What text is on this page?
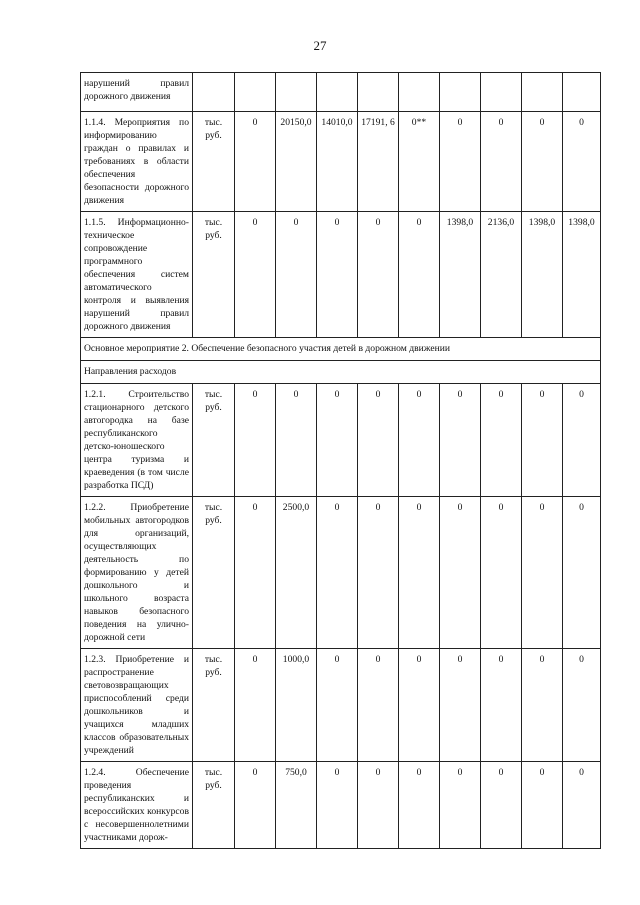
27
нарушений правил дорожного движения										
1.1.4. Мероприятия по информированию граждан о правилах и требованиях в области обеспечения безопасности дорожного движения	тыс. руб.	0	20150,0	14010,0	17191, 6	0**	0	0	0	0
1.1.5. Информационно-техническое сопровождение программного обеспечения систем автоматического контроля и выявления нарушений правил дорожного движения	тыс. руб.	0	0	0	0	0	1398,0	2136,0	1398,0	1398,0
Основное мероприятие 2. Обеспечение безопасного участия детей в дорожном движении										
Направления расходов										
1.2.1. Строительство стационарного детского автогородка на базе республиканского детско-юношеского центра туризма и краеведения (в том числе разработка ПСД)	тыс. руб.	0	0	0	0	0	0	0	0	0
1.2.2. Приобретение мобильных автогородков для организаций, осуществляющих деятельность по формированию у детей дошкольного и школьного возраста навыков безопасного поведения на улично-дорожной сети	тыс. руб.	0	2500,0	0	0	0	0	0	0	0
1.2.3. Приобретение и распространение световозвращающих приспособлений среди дошкольников и учащихся младших классов образовательных учреждений	тыс. руб.	0	1000,0	0	0	0	0	0	0	0
1.2.4. Обеспечение проведения республиканских и всероссийских конкурсов с несовершеннолетними участниками дорож-	тыс. руб.	0	750,0	0	0	0	0	0	0	0
